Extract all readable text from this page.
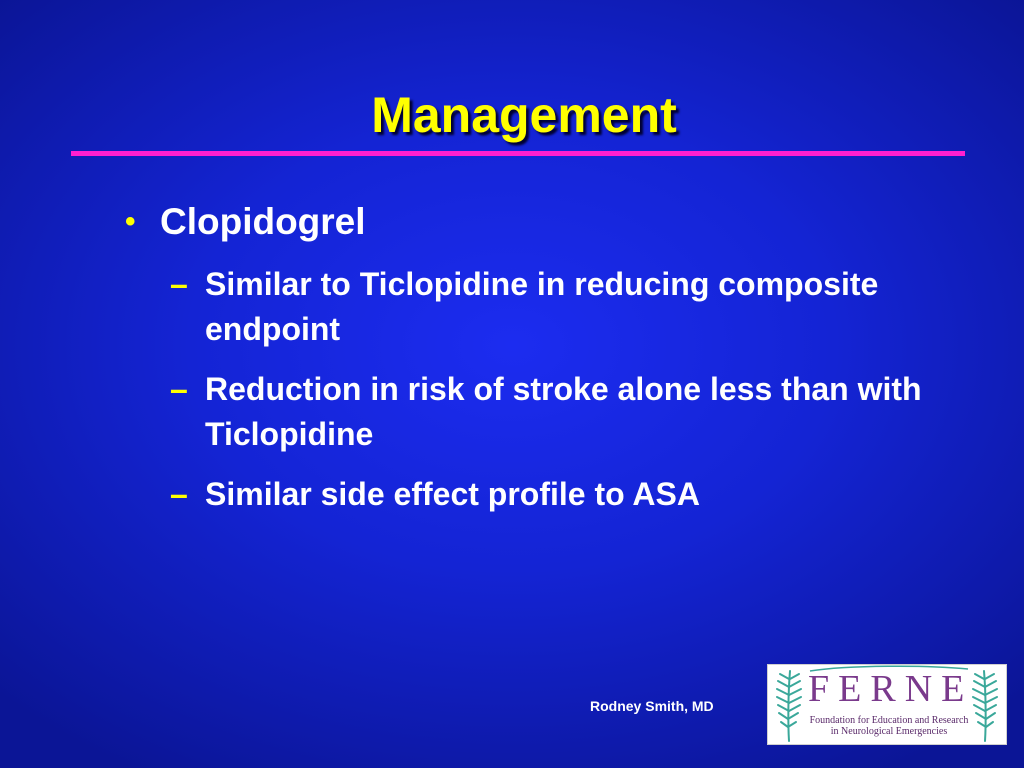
Management
• Clopidogrel
– Similar to Ticlopidine in reducing composite endpoint
– Reduction in risk of stroke alone less than with Ticlopidine
– Similar side effect profile to ASA
Rodney Smith, MD FERNE
Foundation for Education and Research
in Neurological Emergencies
